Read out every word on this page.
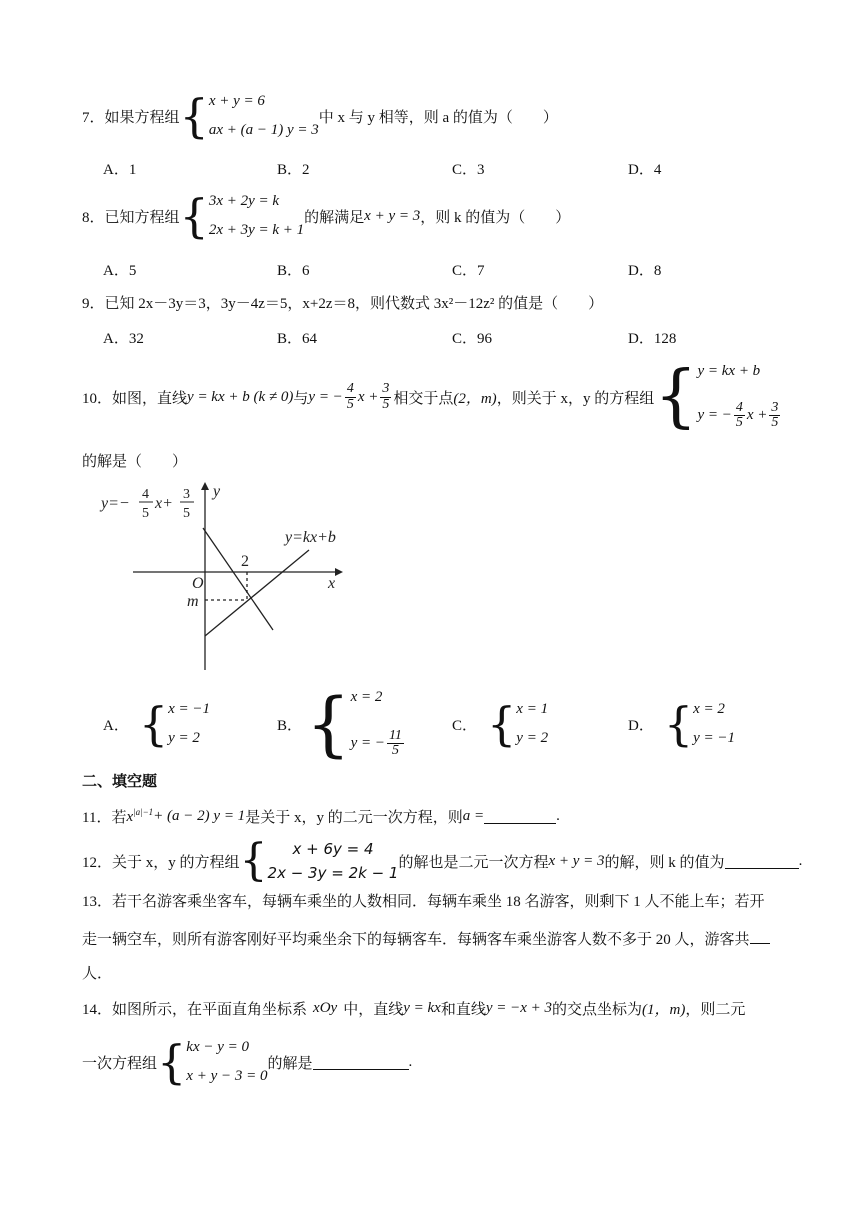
7． 如果方程组 { x + y = 6
ax + (a − 1) y = 3
中 x 与 y 相等，则 a 的值为（　　）
A．1	B．2	C．3	D．4
8． 已知方程组 { 3x + 2y = k
2x + 3y = k + 1
的解满足 x + y = 3 ，则 k 的值为（　　）
A．5	B．6	C．7	D．8
9．已知 2x－3y＝3，3y－4z＝5，x+2z＝8，则代数式 3x²－12z² 的值是（　　）
A．32	B．64	C．96	D．128
10． 如图，直线 y = kx + b (k ≠ 0) 与 y = − $\frac{4}{5}$ $x + \frac{3}{5}$ 相交于点 (2，m) ，则关于 x，y 的方程组 { y = kx + b
y = − $\frac{4}{5}$ $x + \frac{3}{5}$
的解是（　　）
y
x
O
2
m
y=kx+b
y=−
4
5
x+
3
5
A． { x = −1
y = 2
B． { x = 2
y = − $\frac{11}{5}$
C． { x = 1
y = 2
D． { x = 2
y = −1
二、填空题
11． 若 $x^{|a|-1} + (a - 2) y = 1$ 是关于 x，y 的二元一次方程，则 a =	.
12． 关于 x，y 的方程组 { x + 6y = 4
2x − 3y = 2k − 1
的解也是二元一次方程 x + y = 3 的解，则 k 的值为	.
13．若干名游客乘坐客车，每辆车乘坐的人数相同．每辆车乘坐 18 名游客，则剩下 1 人不能上车；若开
走一辆空车，则所有游客刚好平均乘坐余下的每辆客车．每辆客车乘坐游客人数不多于 20 人，游客共
人．
14． 如图所示，在平面直角坐标系 xOy 中，直线 y = kx 和直线 y = −x + 3 的交点坐标为 (1，m) ，则二元
一次方程组 { kx − y = 0
x + y − 3 = 0
的解是	.
